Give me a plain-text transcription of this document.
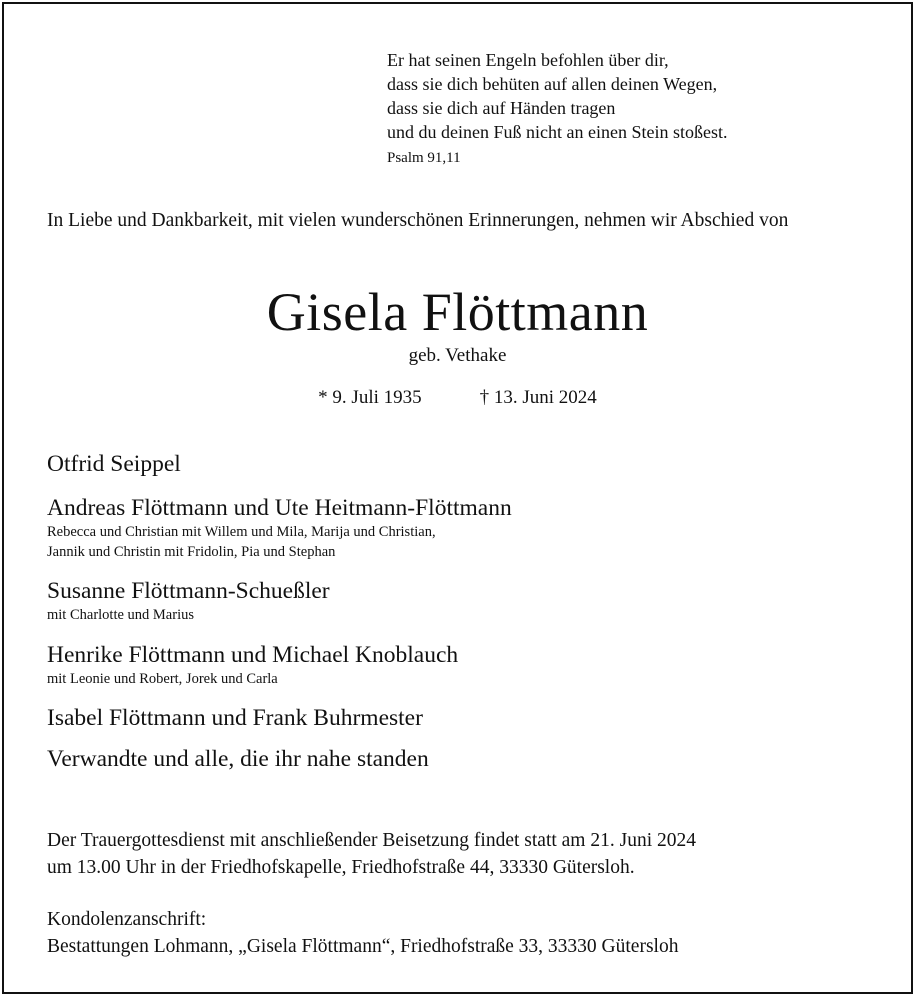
Er hat seinen Engeln befohlen über dir,
dass sie dich behüten auf allen deinen Wegen,
dass sie dich auf Händen tragen
und du deinen Fuß nicht an einen Stein stoßest.
Psalm 91,11
In Liebe und Dankbarkeit, mit vielen wunderschönen Erinnerungen, nehmen wir Abschied von
Gisela Flöttmann
geb. Vethake
* 9. Juli 1935	† 13. Juni 2024
Otfrid Seippel
Andreas Flöttmann und Ute Heitmann-Flöttmann
Rebecca und Christian mit Willem und Mila, Marija und Christian,
Jannik und Christin mit Fridolin, Pia und Stephan
Susanne Flöttmann-Schueßler
mit Charlotte und Marius
Henrike Flöttmann und Michael Knoblauch
mit Leonie und Robert, Jorek und Carla
Isabel Flöttmann und Frank Buhrmester
Verwandte und alle, die ihr nahe standen
Der Trauergottesdienst mit anschließender Beisetzung findet statt am 21. Juni 2024
um 13.00 Uhr in der Friedhofskapelle, Friedhofstraße 44, 33330 Gütersloh.
Kondolenzanschrift:
Bestattungen Lohmann, „Gisela Flöttmann“, Friedhofstraße 33, 33330 Gütersloh
